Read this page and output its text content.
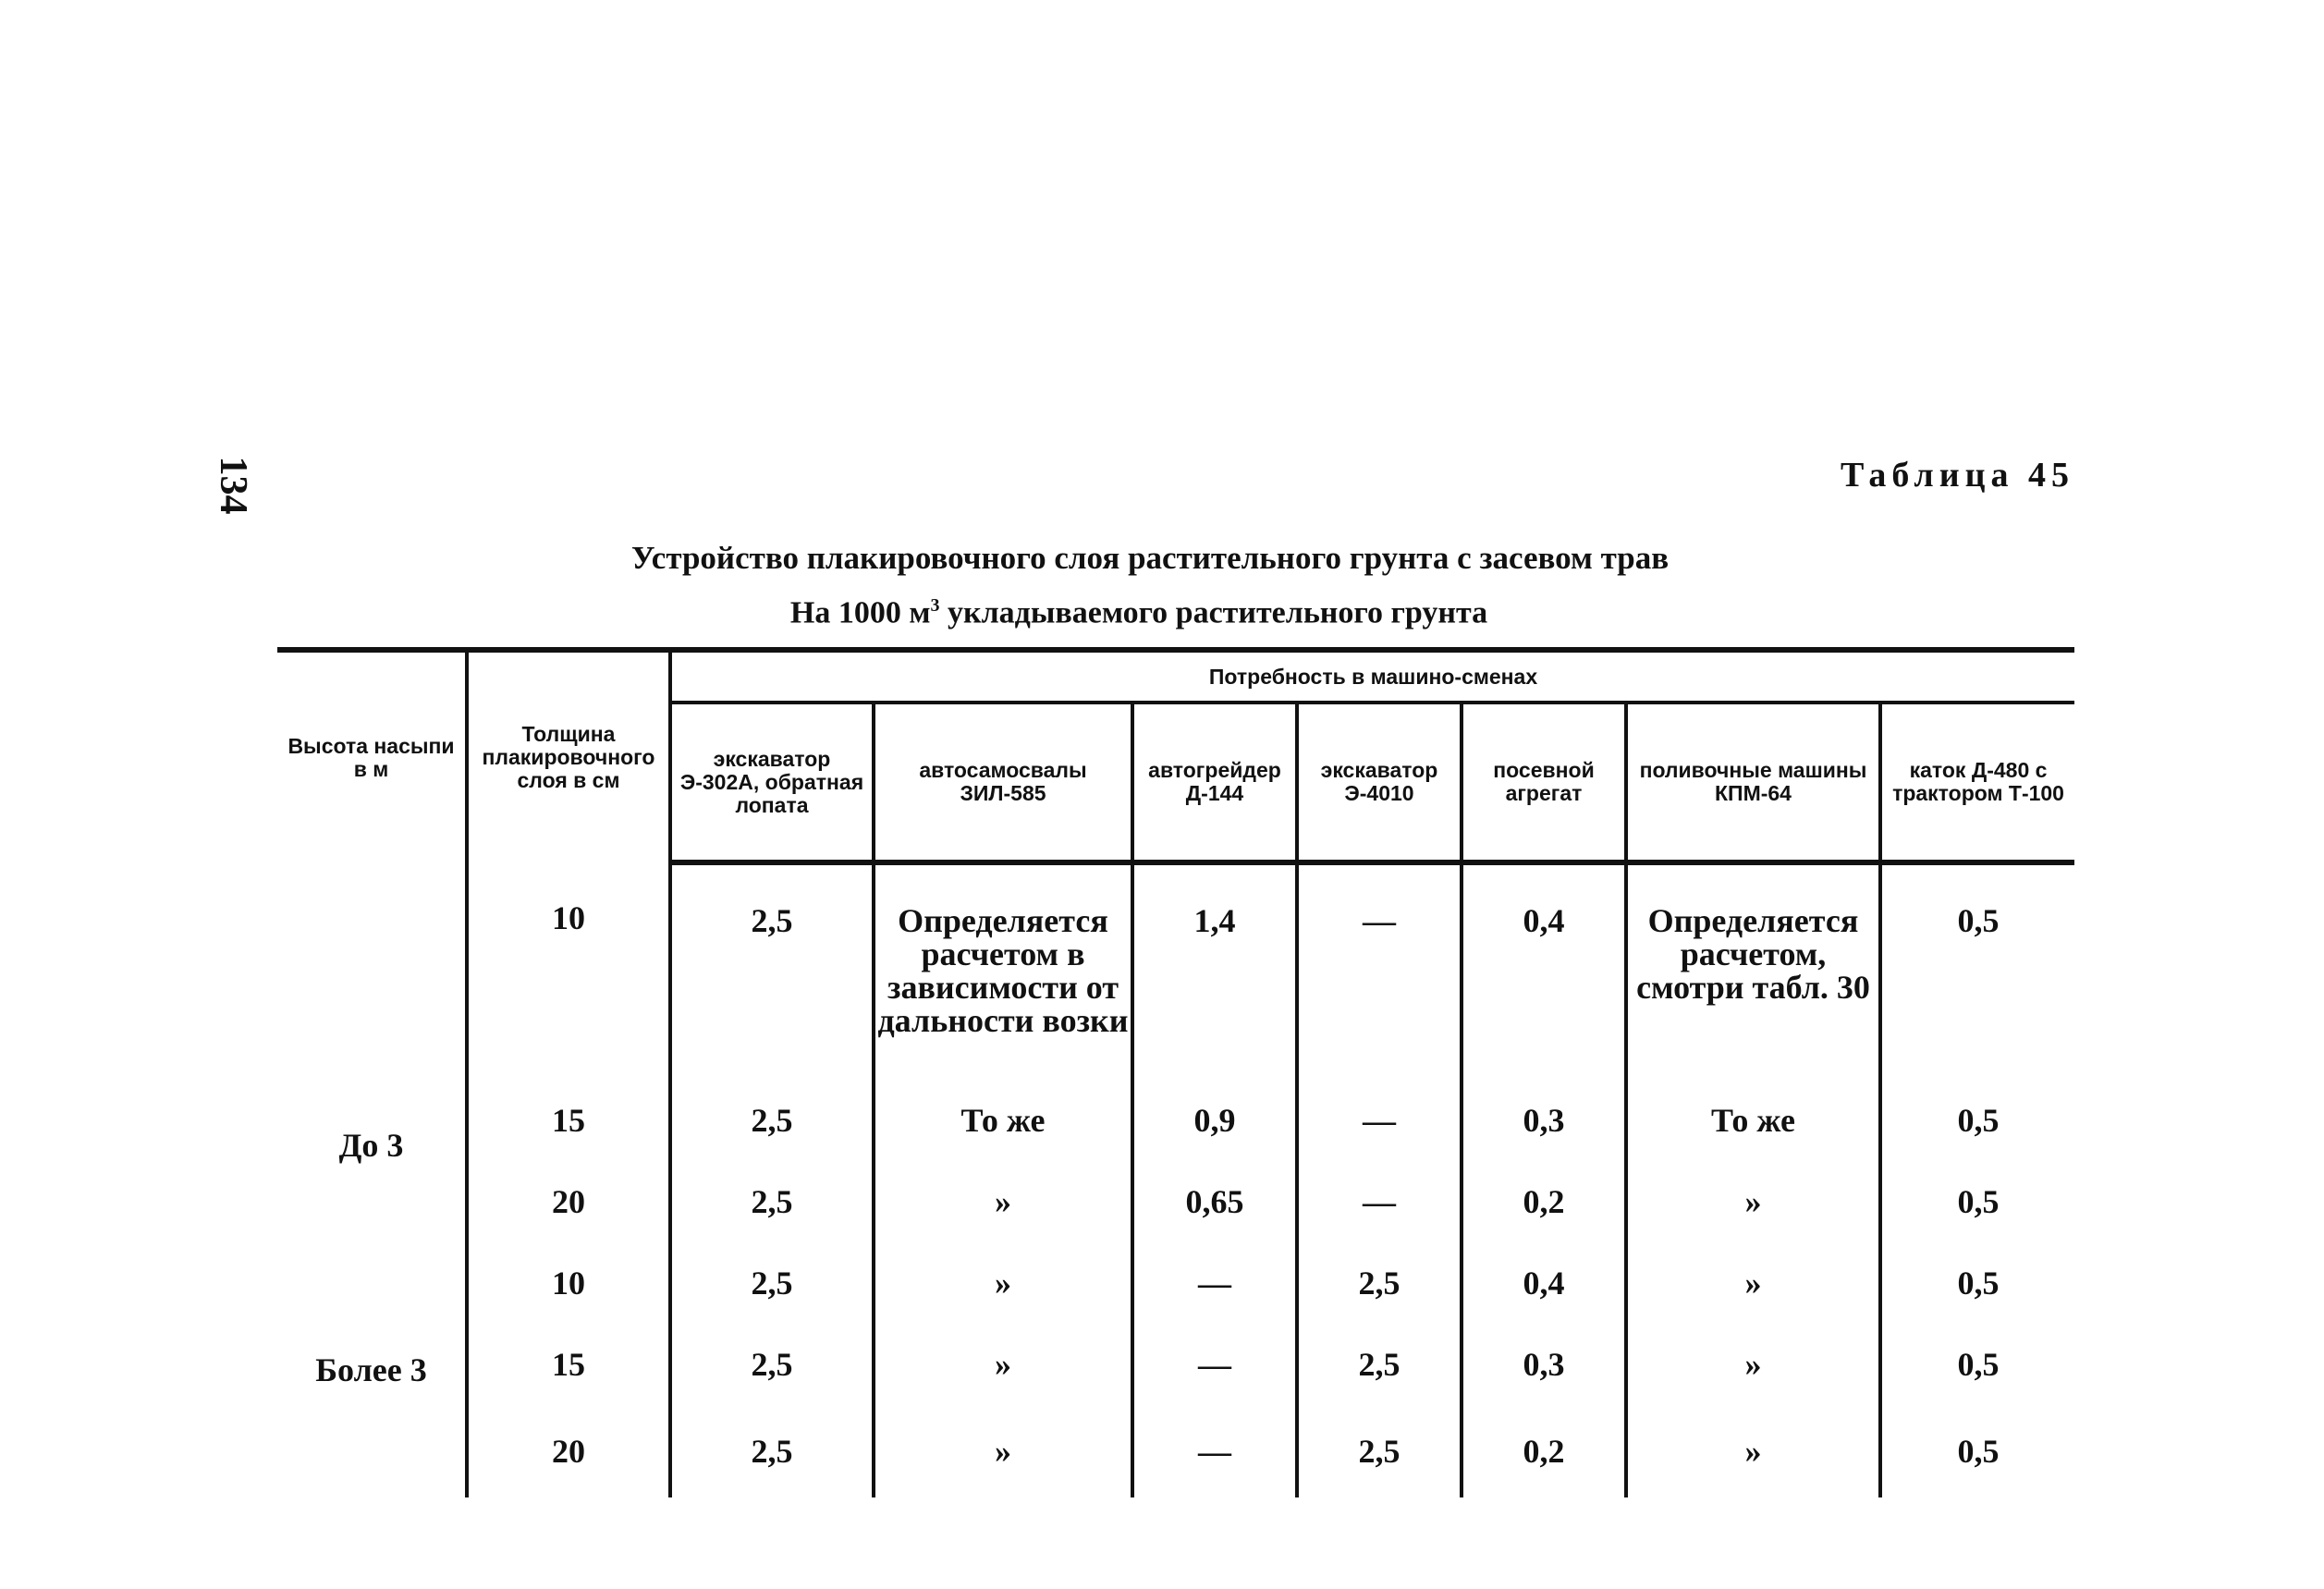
134	Таблица 45
Устройство плакировочного слоя растительного грунта с засевом трав
На 1000 $м^3$ укладываемого растительного грунта
Высота насыпи в м	Толщина плакировочного слоя в см	Потребность в машино-сменах						
		экскаватор Э-302А, обратная лопата	автосамосвалы ЗИЛ-585	автогрейдер Д-144	экскаватор Э-4010	посевной агрегат	поливочные машины КПМ-64	каток Д-480 с трактором Т-100
До 3	10	2,5	Определяется расчетом в зависимости от дальности возки	1,4	—	0,4	Определяется расчетом, смотри табл. 30	0,5
	15	2,5	То же	0,9	—	0,3	То же	0,5
	20	2,5	»	0,65	—	0,2	»	0,5
Более 3	10	2,5	»	—	2,5	0,4	»	0,5
	15	2,5	»	—	2,5	0,3	»	0,5
	20	2,5	»	—	2,5	0,2	»	0,5
